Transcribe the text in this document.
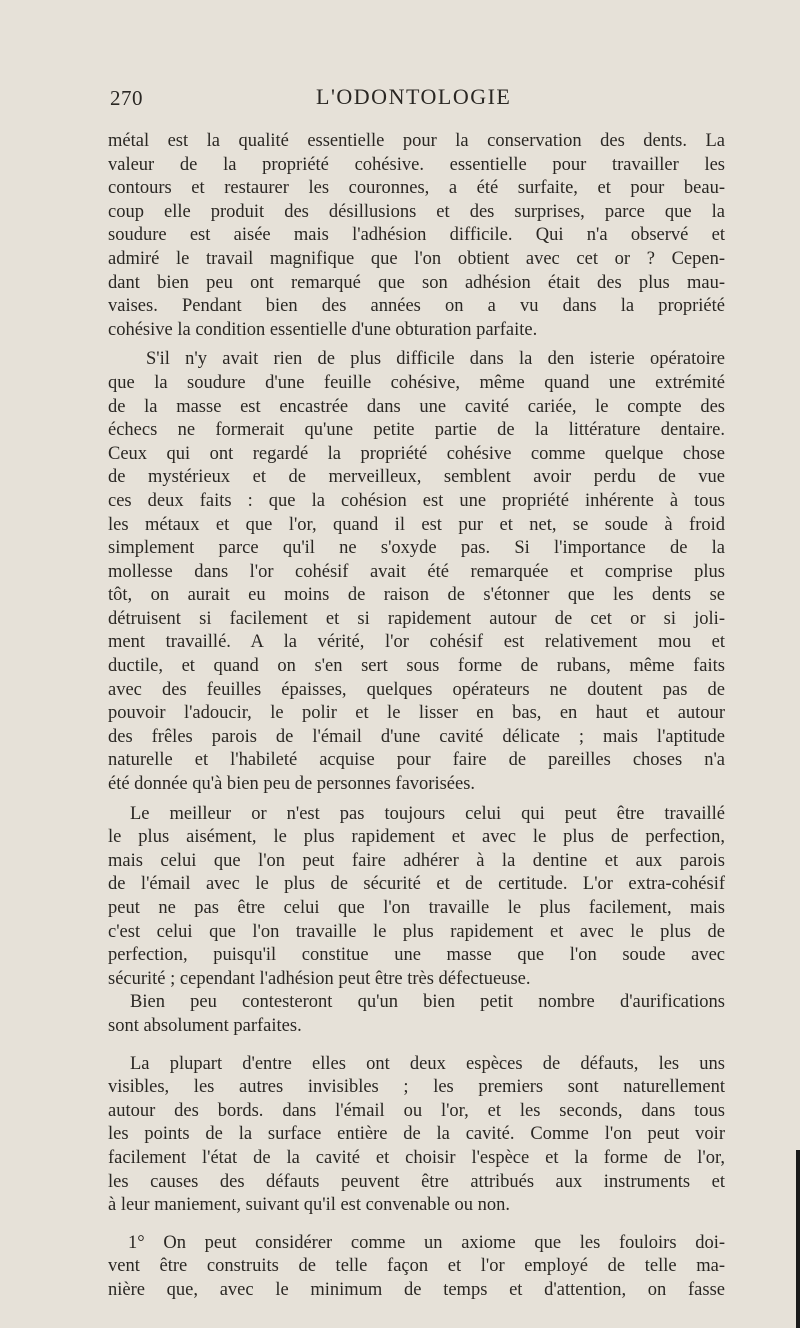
270	L'ODONTOLOGIE
métal est la qualité essentielle pour la conservation des dents. La
valeur de la propriété cohésive. essentielle pour travailler les
contours et restaurer les couronnes, a été surfaite, et pour beau-
coup elle produit des désillusions et des surprises, parce que la
soudure est aisée mais l'adhésion difficile. Qui n'a observé et
admiré le travail magnifique que l'on obtient avec cet or ? Cepen-
dant bien peu ont remarqué que son adhésion était des plus mau-
vaises. Pendant bien des années on a vu dans la propriété
cohésive la condition essentielle d'une obturation parfaite.
S'il n'y avait rien de plus difficile dans la den isterie opératoire
que la soudure d'une feuille cohésive, même quand une extrémité
de la masse est encastrée dans une cavité cariée, le compte des
échecs ne formerait qu'une petite partie de la littérature dentaire.
Ceux qui ont regardé la propriété cohésive comme quelque chose
de mystérieux et de merveilleux, semblent avoir perdu de vue
ces deux faits : que la cohésion est une propriété inhérente à tous
les métaux et que l'or, quand il est pur et net, se soude à froid
simplement parce qu'il ne s'oxyde pas. Si l'importance de la
mollesse dans l'or cohésif avait été remarquée et comprise plus
tôt, on aurait eu moins de raison de s'étonner que les dents se
détruisent si facilement et si rapidement autour de cet or si joli-
ment travaillé. A la vérité, l'or cohésif est relativement mou et
ductile, et quand on s'en sert sous forme de rubans, même faits
avec des feuilles épaisses, quelques opérateurs ne doutent pas de
pouvoir l'adoucir, le polir et le lisser en bas, en haut et autour
des frêles parois de l'émail d'une cavité délicate ; mais l'aptitude
naturelle et l'habileté acquise pour faire de pareilles choses n'a
été donnée qu'à bien peu de personnes favorisées.
Le meilleur or n'est pas toujours celui qui peut être travaillé
le plus aisément, le plus rapidement et avec le plus de perfection,
mais celui que l'on peut faire adhérer à la dentine et aux parois
de l'émail avec le plus de sécurité et de certitude. L'or extra-cohésif
peut ne pas être celui que l'on travaille le plus facilement, mais
c'est celui que l'on travaille le plus rapidement et avec le plus de
perfection, puisqu'il constitue une masse que l'on soude avec
sécurité ; cependant l'adhésion peut être très défectueuse.
Bien peu contesteront qu'un bien petit nombre d'aurifications
sont absolument parfaites.
La plupart d'entre elles ont deux espèces de défauts, les uns
visibles, les autres invisibles ; les premiers sont naturellement
autour des bords. dans l'émail ou l'or, et les seconds, dans tous
les points de la surface entière de la cavité. Comme l'on peut voir
facilement l'état de la cavité et choisir l'espèce et la forme de l'or,
les causes des défauts peuvent être attribués aux instruments et
à leur maniement, suivant qu'il est convenable ou non.
1° On peut considérer comme un axiome que les fouloirs doi-
vent être construits de telle façon et l'or employé de telle ma-
nière que, avec le minimum de temps et d'attention, on fasse
